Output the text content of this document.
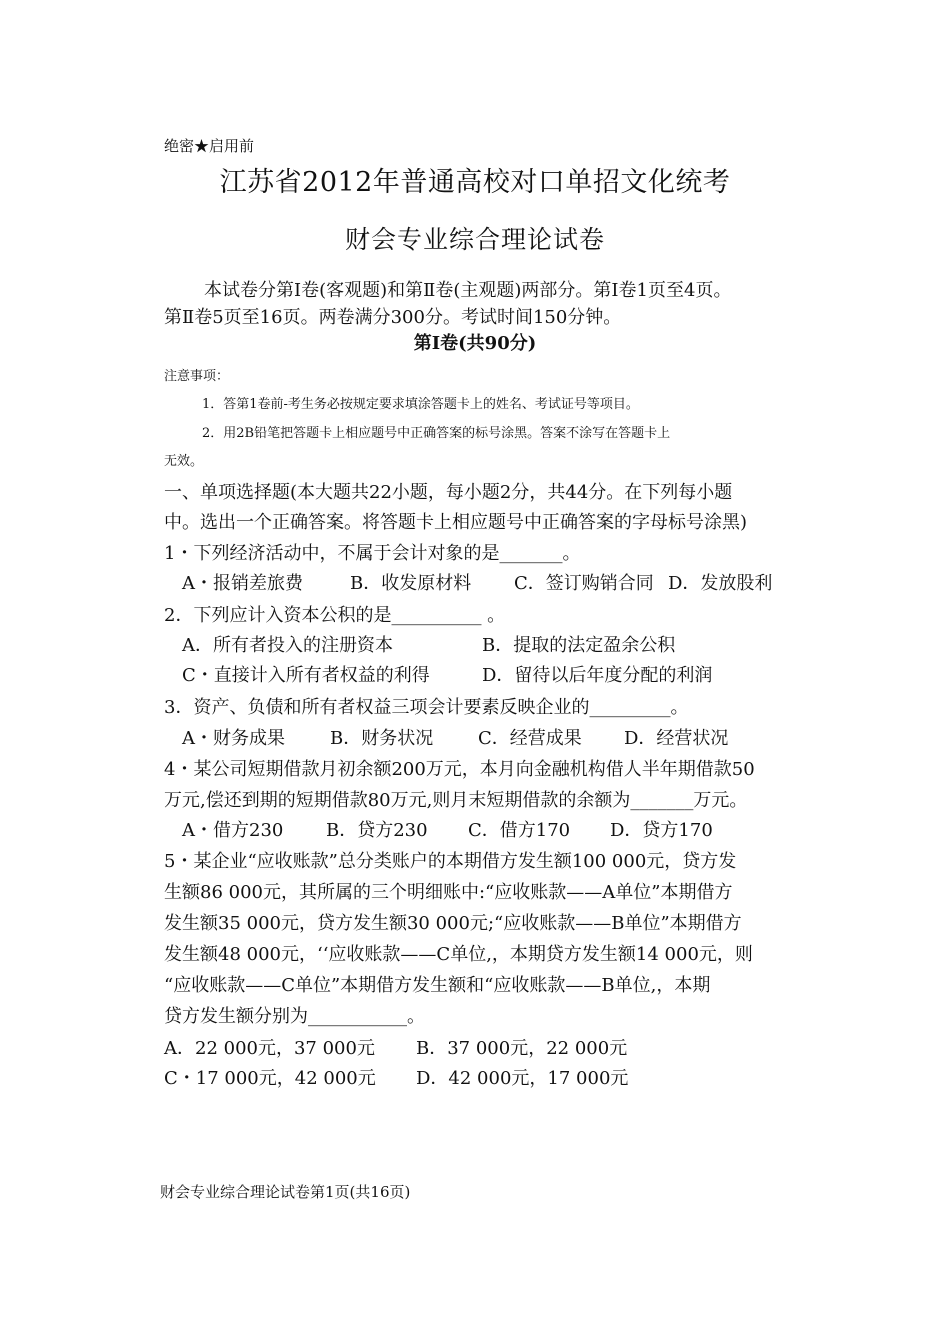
绝密★启用前
江苏省2012年普通高校对口单招文化统考
财会专业综合理论试卷
本试卷分第Ⅰ卷(客观题)和第Ⅱ卷(主观题)两部分。第Ⅰ卷1页至4页。
第Ⅱ卷5页至16页。两卷满分300分。考试时间150分钟。
第Ⅰ卷(共90分)
注意事项：
1．答第1卷前-考生务必按规定要求填涂答题卡上的姓名、考试证号等项目。
2．用2B铅笔把答题卡上相应题号中正确答案的标号涂黑。答案不涂写在答题卡上
无效。
一、单项选择题(本大题共22小题，每小题2分，共44分。在下列每小题
中。选出一个正确答案。将答题卡上相应题号中正确答案的字母标号涂黑)
1・下列经济活动中，不属于会计对象的是_______。
A・报销差旅费	B．收发原材料 C．签订购销合同 D．发放股利
2．下列应计入资本公积的是__________ 。
A．所有者投入的注册资本	B．提取的法定盈余公积
C・直接计入所有者权益的利得	D．留待以后年度分配的利润
3．资产、负债和所有者权益三项会计要素反映企业的_________。
A・财务成果	B．财务状况 C．经营成果 D．经营状况
4・某公司短期借款月初余额200万元，本月向金融机构借人半年期借款50
万元,偿还到期的短期借款80万元,则月末短期借款的余额为_______万元。
A・借方230 B．贷方230 C．借方170 D．贷方170
5・某企业“应收账款”总分类账户的本期借方发生额100 000元，贷方发
生额86 000元，其所属的三个明细账中:“应收账款——A单位”本期借方
发生额35 000元，贷方发生额30 000元;“应收账款——B单位”本期借方
发生额48 000元，‘‘应收账款——C单位,，本期贷方发生额14 000元，则
“应收账款——C单位”本期借方发生额和“应收账款——B单位,，本期
贷方发生额分别为___________。
A．22 000元，37 000元 B．37 000元，22 000元
C・17 000元，42 000元 D．42 000元，17 000元
财会专业综合理论试卷第1页(共16页)
